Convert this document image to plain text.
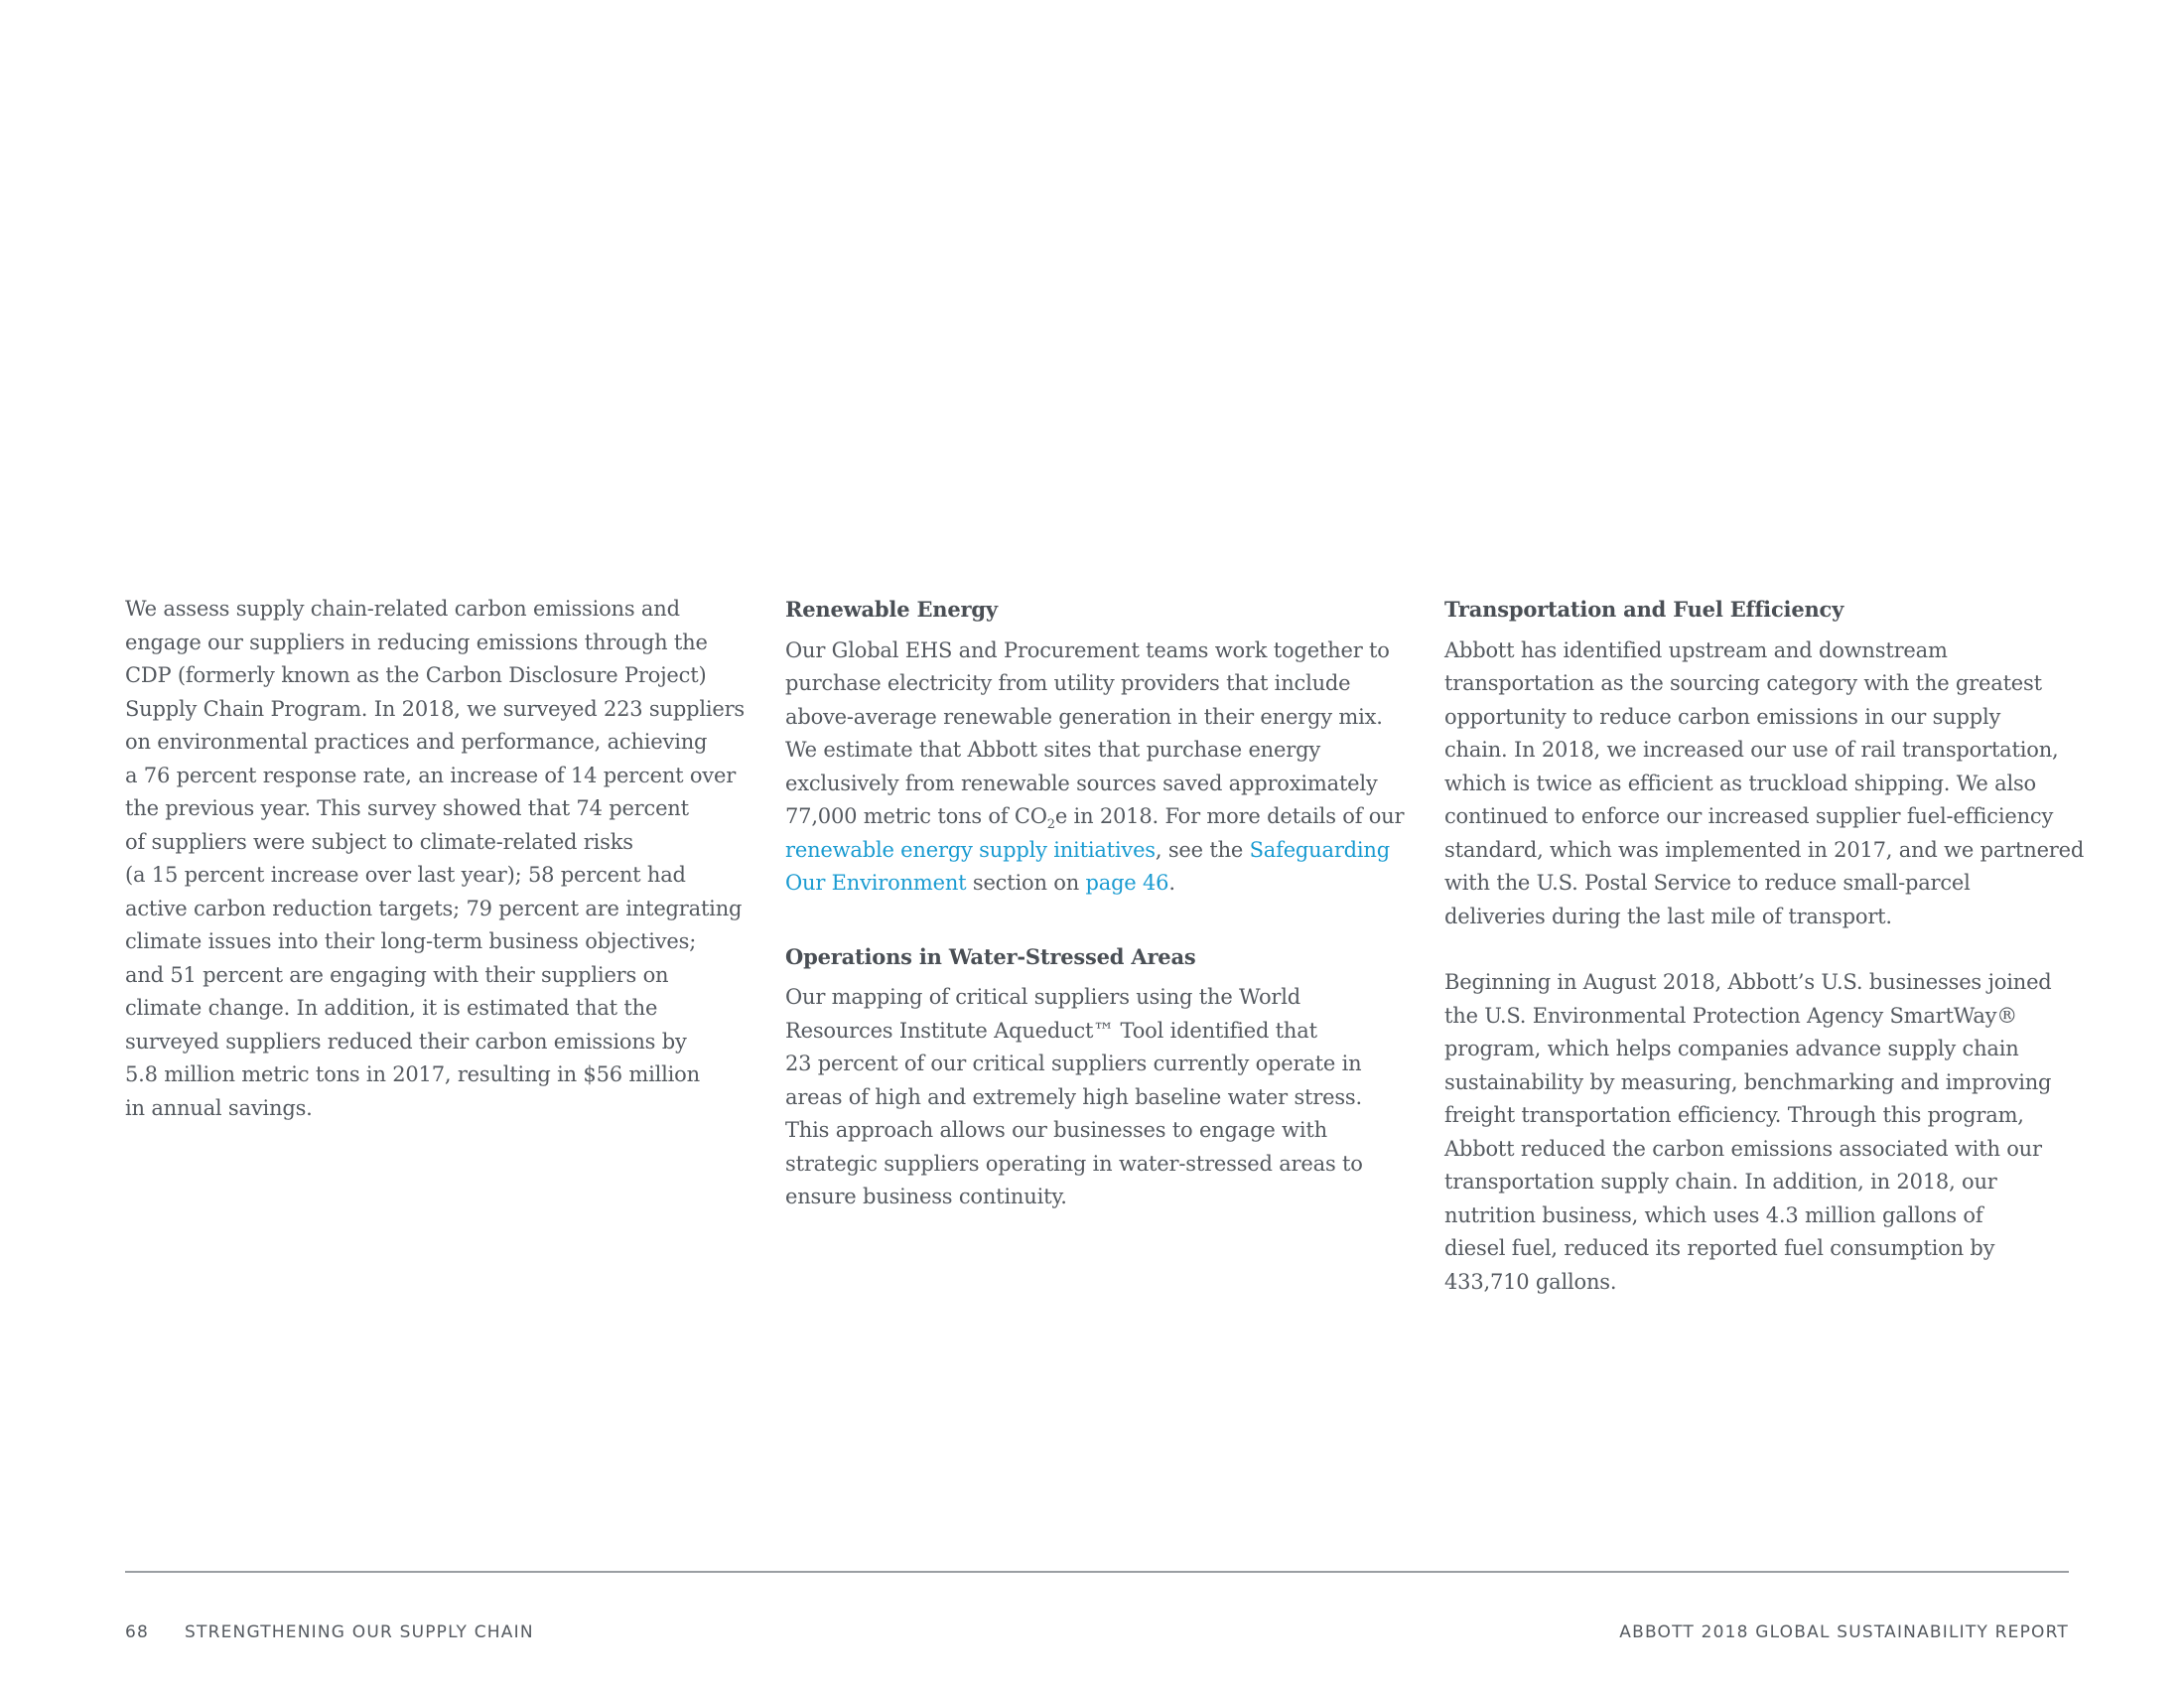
We assess supply chain-related carbon emissions and
engage our suppliers in reducing emissions through the
CDP (formerly known as the Carbon Disclosure Project)
Supply Chain Program. In 2018, we surveyed 223 suppliers
on environmental practices and performance, achieving
a 76 percent response rate, an increase of 14 percent over
the previous year. This survey showed that 74 percent
of suppliers were subject to climate-related risks
(a 15 percent increase over last year); 58 percent had
active carbon reduction targets; 79 percent are integrating
climate issues into their long-term business objectives;
and 51 percent are engaging with their suppliers on
climate change. In addition, it is estimated that the
surveyed suppliers reduced their carbon emissions by
5.8 million metric tons in 2017, resulting in $56 million
in annual savings.
Renewable Energy
Our Global EHS and Procurement teams work together to
purchase electricity from utility providers that include
above-average renewable generation in their energy mix.
We estimate that Abbott sites that purchase energy
exclusively from renewable sources saved approximately
77,000 metric tons of $CO_2e$ in 2018. For more details of our
renewable energy supply initiatives, see the Safeguarding
Our Environment section on page 46.
Operations in Water-Stressed Areas
Our mapping of critical suppliers using the World
Resources Institute Aqueduct™ Tool identified that
23 percent of our critical suppliers currently operate in
areas of high and extremely high baseline water stress.
This approach allows our businesses to engage with
strategic suppliers operating in water-stressed areas to
ensure business continuity.
Transportation and Fuel Efficiency
Abbott has identified upstream and downstream
transportation as the sourcing category with the greatest
opportunity to reduce carbon emissions in our supply
chain. In 2018, we increased our use of rail transportation,
which is twice as efficient as truckload shipping. We also
continued to enforce our increased supplier fuel-efficiency
standard, which was implemented in 2017, and we partnered
with the U.S. Postal Service to reduce small-parcel
deliveries during the last mile of transport.
Beginning in August 2018, Abbott’s U.S. businesses joined
the U.S. Environmental Protection Agency SmartWay®
program, which helps companies advance supply chain
sustainability by measuring, benchmarking and improving
freight transportation efficiency. Through this program,
Abbott reduced the carbon emissions associated with our
transportation supply chain. In addition, in 2018, our
nutrition business, which uses 4.3 million gallons of
diesel fuel, reduced its reported fuel consumption by
433,710 gallons.
68 STRENGTHENING OUR SUPPLY CHAIN	ABBOTT 2018 GLOBAL SUSTAINABILITY REPORT
